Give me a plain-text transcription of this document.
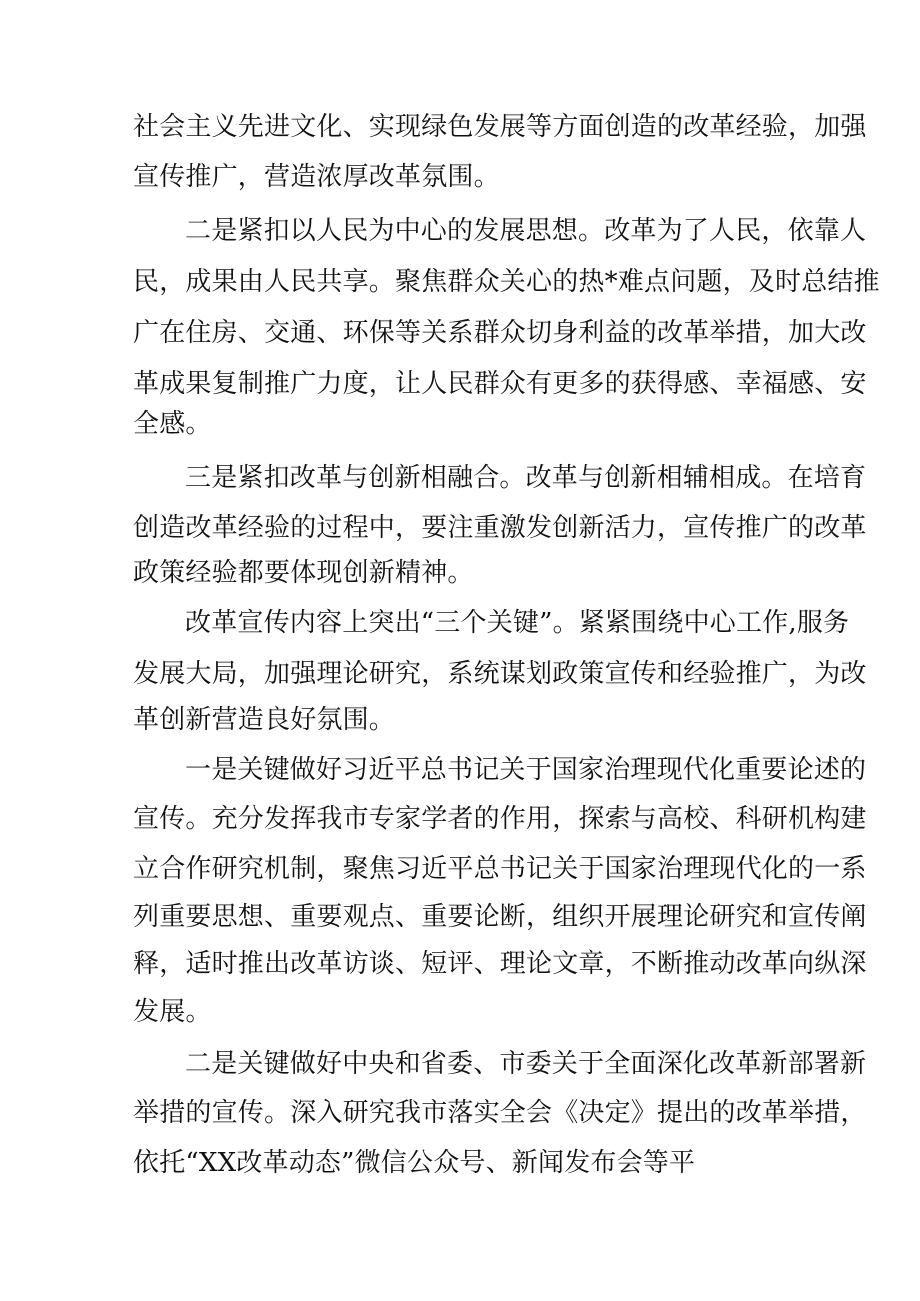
社会主义先进文化、实现绿色发展等方面创造的改革经验，加强
宣传推广，营造浓厚改革氛围。
二是紧扣以人民为中心的发展思想。改革为了人民，依靠人
民，成果由人民共享。聚焦群众关心的热*难点问题，及时总结推
广在住房、交通、环保等关系群众切身利益的改革举措，加大改
革成果复制推广力度，让人民群众有更多的获得感、幸福感、安
全感。
三是紧扣改革与创新相融合。改革与创新相辅相成。在培育
创造改革经验的过程中，要注重激发创新活力，宣传推广的改革
政策经验都要体现创新精神。
改革宣传内容上突出“三个关键”。紧紧围绕中心工作,服务
发展大局，加强理论研究，系统谋划政策宣传和经验推广，为改
革创新营造良好氛围。
一是关键做好习近平总书记关于国家治理现代化重要论述的
宣传。充分发挥我市专家学者的作用，探索与高校、科研机构建
立合作研究机制，聚焦习近平总书记关于国家治理现代化的一系
列重要思想、重要观点、重要论断，组织开展理论研究和宣传阐
释，适时推出改革访谈、短评、理论文章，不断推动改革向纵深
发展。
二是关键做好中央和省委、市委关于全面深化改革新部署新
举措的宣传。深入研究我市落实全会《决定》提出的改革举措，
依托“XX改革动态”微信公众号、新闻发布会等平
